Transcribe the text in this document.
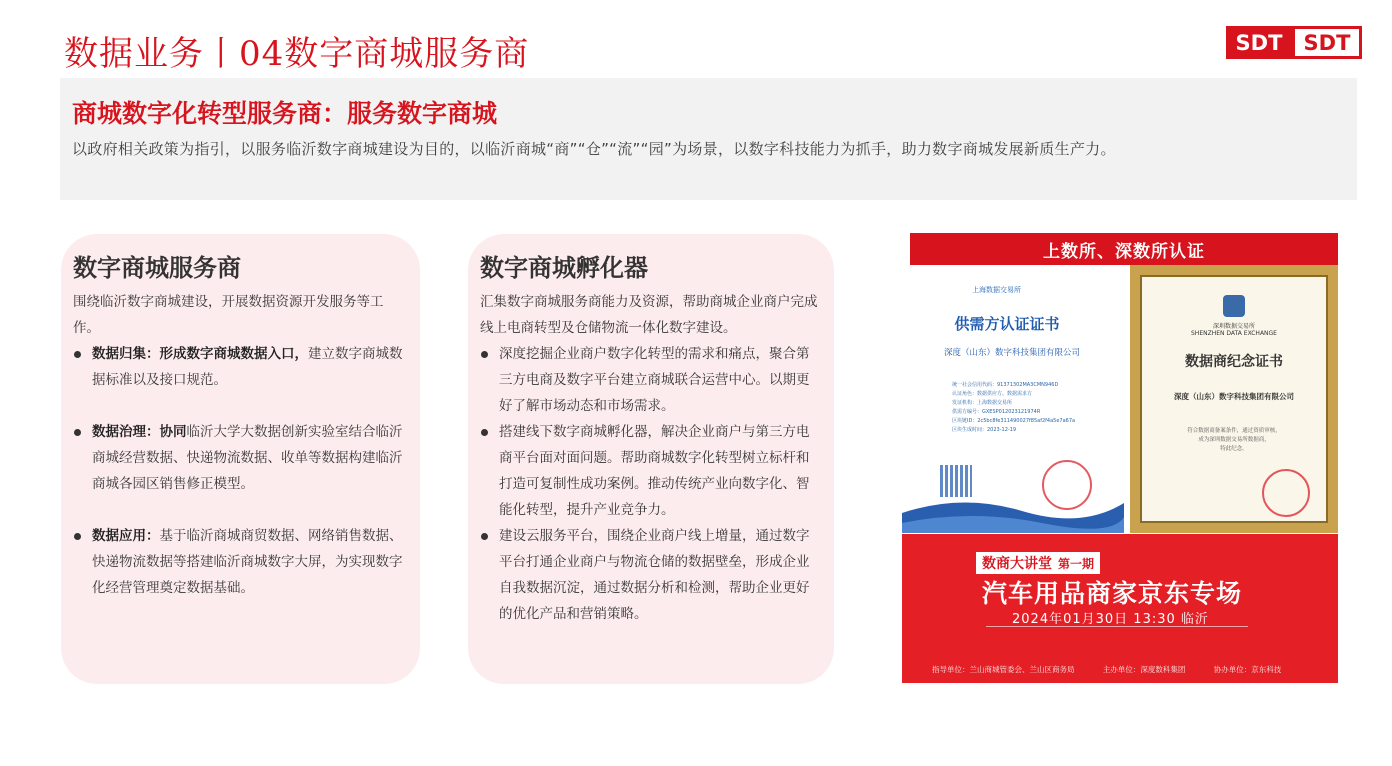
数据业务丨04数字商城服务商	SDT	SDT
商城数字化转型服务商：服务数字商城

以政府相关政策为指引，以服务临沂数字商城建设为目的，以临沂商城“商”“仓”“流”“园”为场景，以数字科技能力为抓手，助力数字商城发展新质生产力。

数字商城服务商

围绕临沂数字商城建设，开展数据资源开发服务等工作。

数据归集：形成数字商城数据入口，建立数字商城数据标准以及接口规范。
数据治理：协同临沂大学大数据创新实验室结合临沂商城经营数据、快递物流数据、收单等数据构建临沂商城各园区销售修正模型。
数据应用：基于临沂商城商贸数据、网络销售数据、快递物流数据等搭建临沂商城数字大屏，为实现数字化经营管理奠定数据基础。
数字商城孵化器

汇集数字商城服务商能力及资源，帮助商城企业商户完成线上电商转型及仓储物流一体化数字建设。

深度挖掘企业商户数字化转型的需求和痛点，聚合第三方电商及数字平台建立商城联合运营中心。以期更好了解市场动态和市场需求。
搭建线下数字商城孵化器，解决企业商户与第三方电商平台面对面问题。帮助商城数字化转型树立标杆和打造可复制性成功案例。推动传统产业向数字化、智能化转型，提升产业竞争力。
建设云服务平台，围绕企业商户线上增量，通过数字平台打通企业商户与物流仓储的数据壁垒，形成企业自我数据沉淀，通过数据分析和检测，帮助企业更好的优化产品和营销策略。
上数所、深数所认证
上海数据交易所
供需方认证证书
深度（山东）数字科技集团有限公司
统一社会信用代码：91371302MA3CMN946D
认证角色：数据供应方、数据需求方
发证机构：上海数据交易所
供需方编号：GXESP012023121974R
区块链ID：2c5bc8fe311490027f85af2f4a5e7a67a
区块生成时间：2023-12-19
深圳数据交易所
SHENZHEN DATA EXCHANGE
数据商纪念证书
深度（山东）数字科技集团有限公司
符合数据商备案条件，通过资质审核，
成为深圳数据交易所数据商，
特此纪念。
数商大讲堂 第一期
汽车用品商家京东专场
2024年01月30日 13:30 临沂
指导单位：兰山商城管委会、兰山区商务局	主办单位：深度数科集团	协办单位：京东科技
